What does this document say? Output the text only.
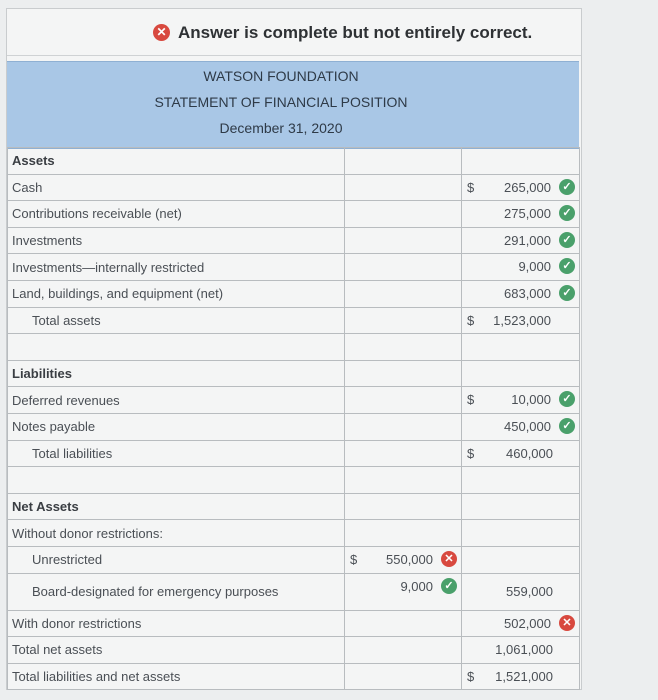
✕ Answer is complete but not entirely correct.
WATSON FOUNDATION
STATEMENT OF FINANCIAL POSITION
December 31, 2020
Assets		
Cash		$ 265,000 ✓

Contributions receivable (net)		275,000 ✓

Investments		291,000 ✓

Investments—internally restricted		9,000 ✓

Land, buildings, and equipment (net)		683,000 ✓

Total assets		$ 1,523,000

Liabilities		
Deferred revenues		$ 10,000 ✓

Notes payable		450,000 ✓

Total liabilities		$ 460,000

Net Assets		
Without donor restrictions:		
Unrestricted	$ 550,000 ✕	

Board-designated for emergency purposes	9,000 ✓	559,000

With donor restrictions		502,000 ✕

Total net assets		1,061,000

Total liabilities and net assets		$ 1,521,000
